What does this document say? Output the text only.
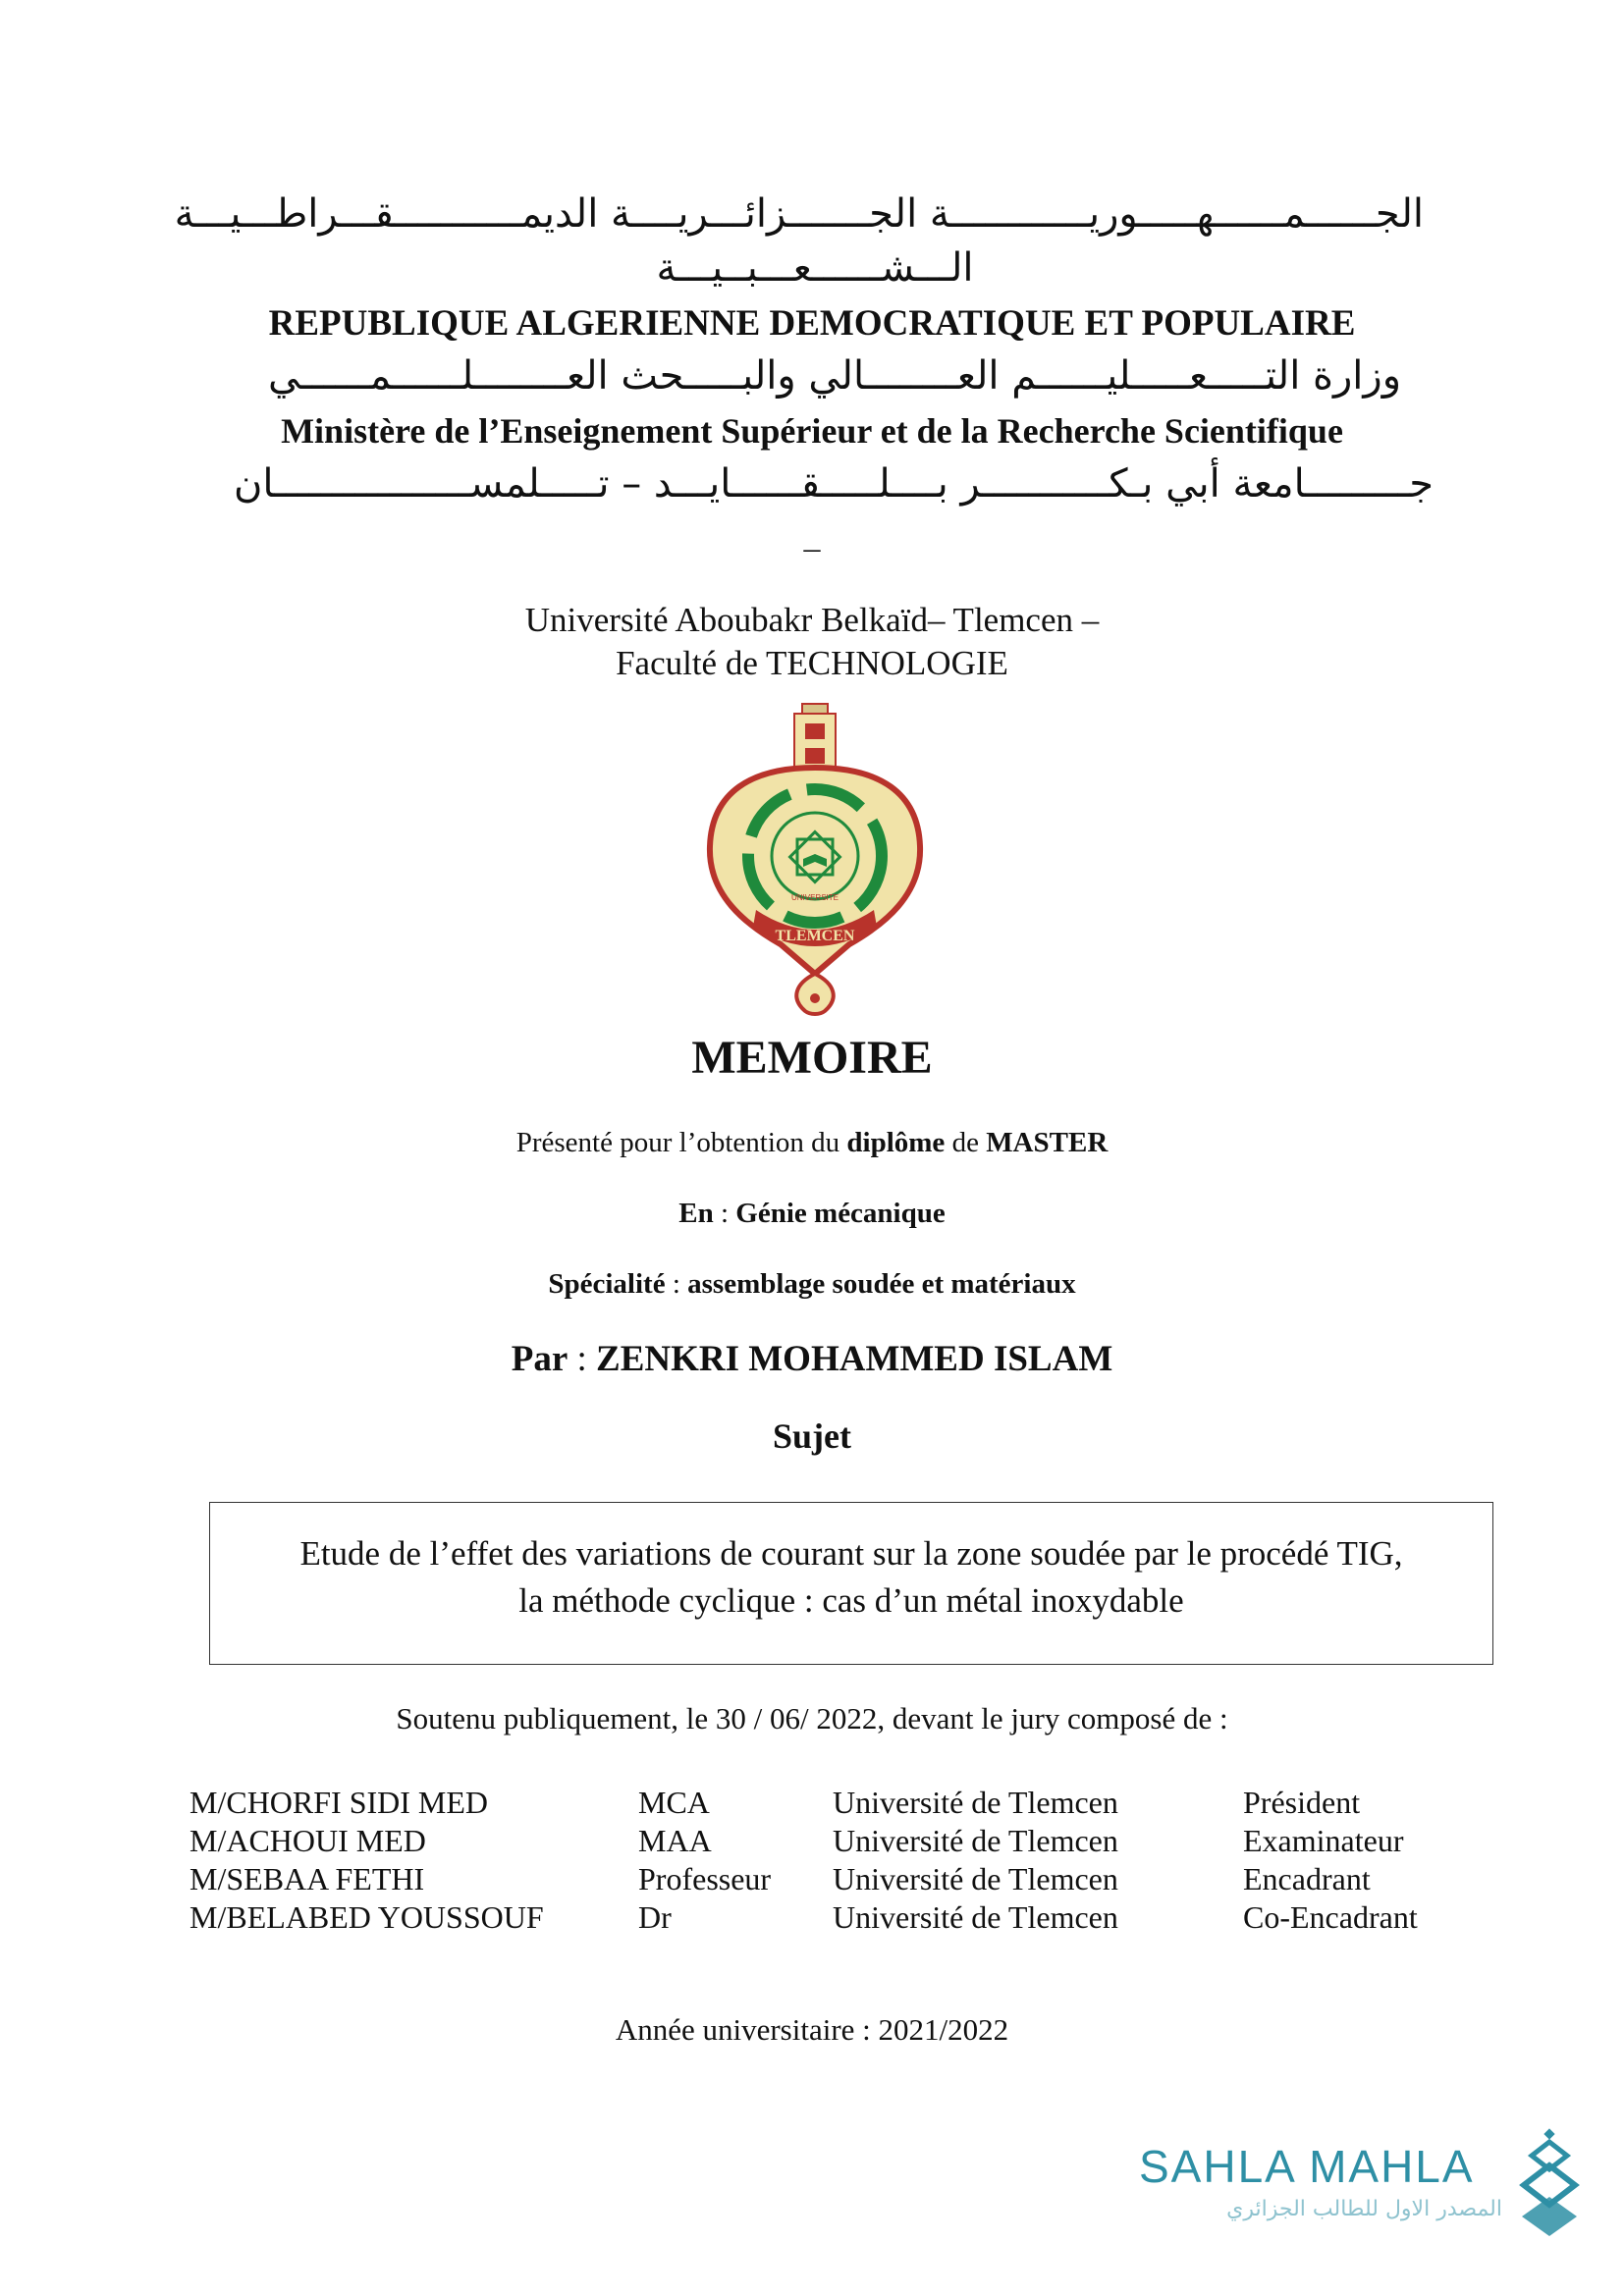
الجــــــمــــــهـــــوريــــــــــــة الجـــــــزائـــريــــة الديمـــــــــــقـــراطـــيـــة
الـــشــــــعـــبــيـــة
REPUBLIQUE ALGERIENNE DEMOCRATIQUE ET POPULAIRE
وزارة التـــــعـــــليــــــم العــــــــالي والبـــــحث العــــــــلــــــمــــــي
Ministère de l’Enseignement Supérieur et de la Recherche Scientifique
جـــــــــامعة أبي بـكـــــــــــر بــــلـــــقــــــايـــد – تـــــلمســـــــــــــــــان
–
Université Aboubakr Belkaïd– Tlemcen –
Faculté de TECHNOLOGIE
TLEMCEN
UNIVERSITE
MEMOIRE
Présenté pour l’obtention du diplôme de MASTER
En : Génie mécanique
Spécialité : assemblage soudée et matériaux
Par : ZENKRI MOHAMMED ISLAM
Sujet
Etude de l’effet des variations de courant sur la zone soudée par le procédé TIG,
la méthode cyclique : cas d’un métal inoxydable
Soutenu publiquement, le 30 / 06/ 2022, devant le jury composé de :
M/CHORFI SIDI MED	MCA	Université de Tlemcen	Président
M/ACHOUI MED	MAA	Université de Tlemcen	Examinateur
M/SEBAA FETHI	Professeur Université de Tlemcen	Encadrant
M/BELABED YOUSSOUF	Dr	Université de Tlemcen	Co-Encadrant
Année universitaire : 2021/2022
SAHLA MAHLA
المصدر الاول للطالب الجزائري
